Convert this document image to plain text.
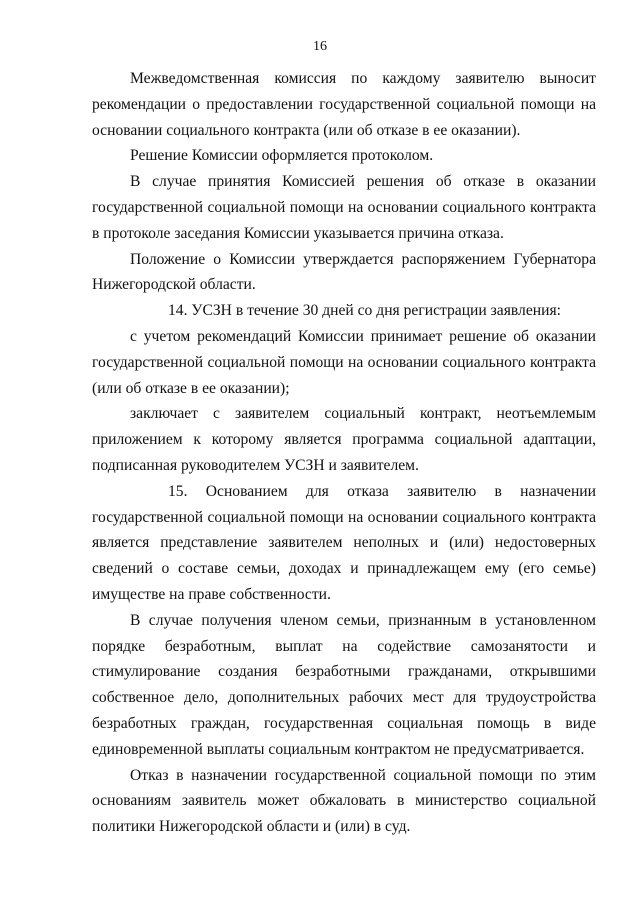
16

Межведомственная комиссия по каждому заявителю выносит рекомендации о предоставлении государственной социальной помощи на основании социального контракта (или об отказе в ее оказании).

Решение Комиссии оформляется протоколом.

В случае принятия Комиссией решения об отказе в оказании государственной социальной помощи на основании социального контракта в протоколе заседания Комиссии указывается причина отказа.

Положение о Комиссии утверждается распоряжением Губернатора Нижегородской области.

14. УСЗН в течение 30 дней со дня регистрации заявления:

с учетом рекомендаций Комиссии принимает решение об оказании государственной социальной помощи на основании социального контракта (или об отказе в ее оказании);

заключает с заявителем социальный контракт, неотъемлемым приложением к которому является программа социальной адаптации, подписанная руководителем УСЗН и заявителем.

15. Основанием для отказа заявителю в назначении государственной социальной помощи на основании социального контракта является представление заявителем неполных и (или) недостоверных сведений о составе семьи, доходах и принадлежащем ему (его семье) имуществе на праве собственности.

В случае получения членом семьи, признанным в установленном порядке безработным, выплат на содействие самозанятости и стимулирование создания безработными гражданами, открывшими собственное дело, дополнительных рабочих мест для трудоустройства безработных граждан, государственная социальная помощь в виде единовременной выплаты социальным контрактом не предусматривается.

Отказ в назначении государственной социальной помощи по этим основаниям заявитель может обжаловать в министерство социальной политики Нижегородской области и (или) в суд.
